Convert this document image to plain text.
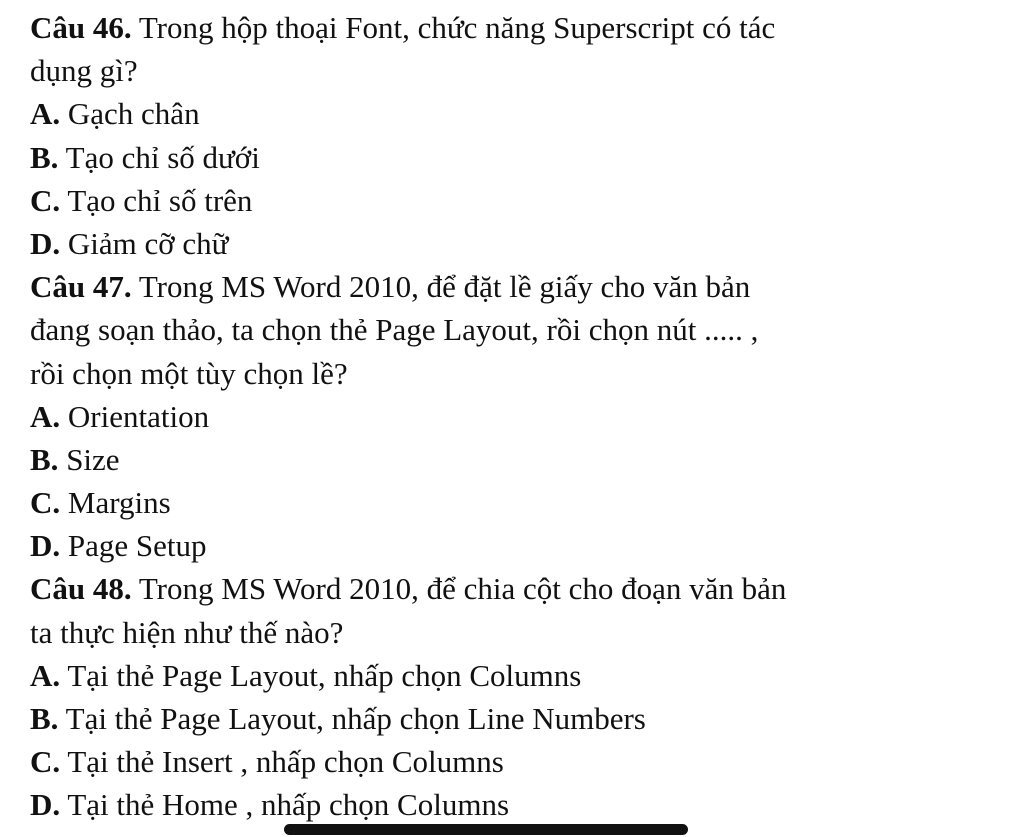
Câu 46. Trong hộp thoại Font, chức năng Superscript có tác
dụng gì?
A. Gạch chân
B. Tạo chỉ số dưới
C. Tạo chỉ số trên
D. Giảm cỡ chữ
Câu 47. Trong MS Word 2010, để đặt lề giấy cho văn bản
đang soạn thảo, ta chọn thẻ Page Layout, rồi chọn nút ..... ,
rồi chọn một tùy chọn lề?
A. Orientation
B. Size
C. Margins
D. Page Setup
Câu 48. Trong MS Word 2010, để chia cột cho đoạn văn bản
ta thực hiện như thế nào?
A. Tại thẻ Page Layout, nhấp chọn Columns
B. Tại thẻ Page Layout, nhấp chọn Line Numbers
C. Tại thẻ Insert , nhấp chọn Columns
D. Tại thẻ Home , nhấp chọn Columns
